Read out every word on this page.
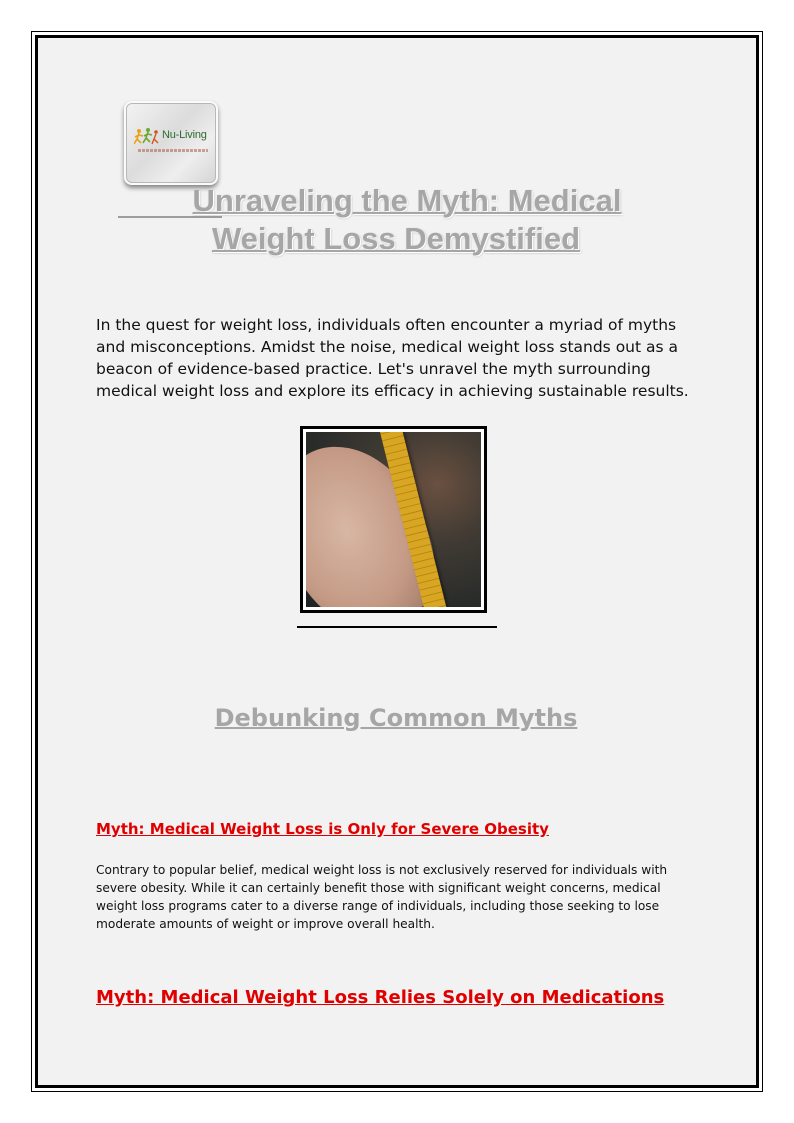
Nu-Living
Unraveling the Myth: Medical
Weight Loss Demystified

In the quest for weight loss, individuals often encounter a myriad of myths and misconceptions. Amidst the noise, medical weight loss stands out as a beacon of evidence-based practice. Let's unravel the myth surrounding medical weight loss and explore its efficacy in achieving sustainable results.

Debunking Common Myths
Myth: Medical Weight Loss is Only for Severe Obesity

Contrary to popular belief, medical weight loss is not exclusively reserved for individuals with severe obesity. While it can certainly benefit those with significant weight concerns, medical weight loss programs cater to a diverse range of individuals, including those seeking to lose moderate amounts of weight or improve overall health.

Myth: Medical Weight Loss Relies Solely on Medications
